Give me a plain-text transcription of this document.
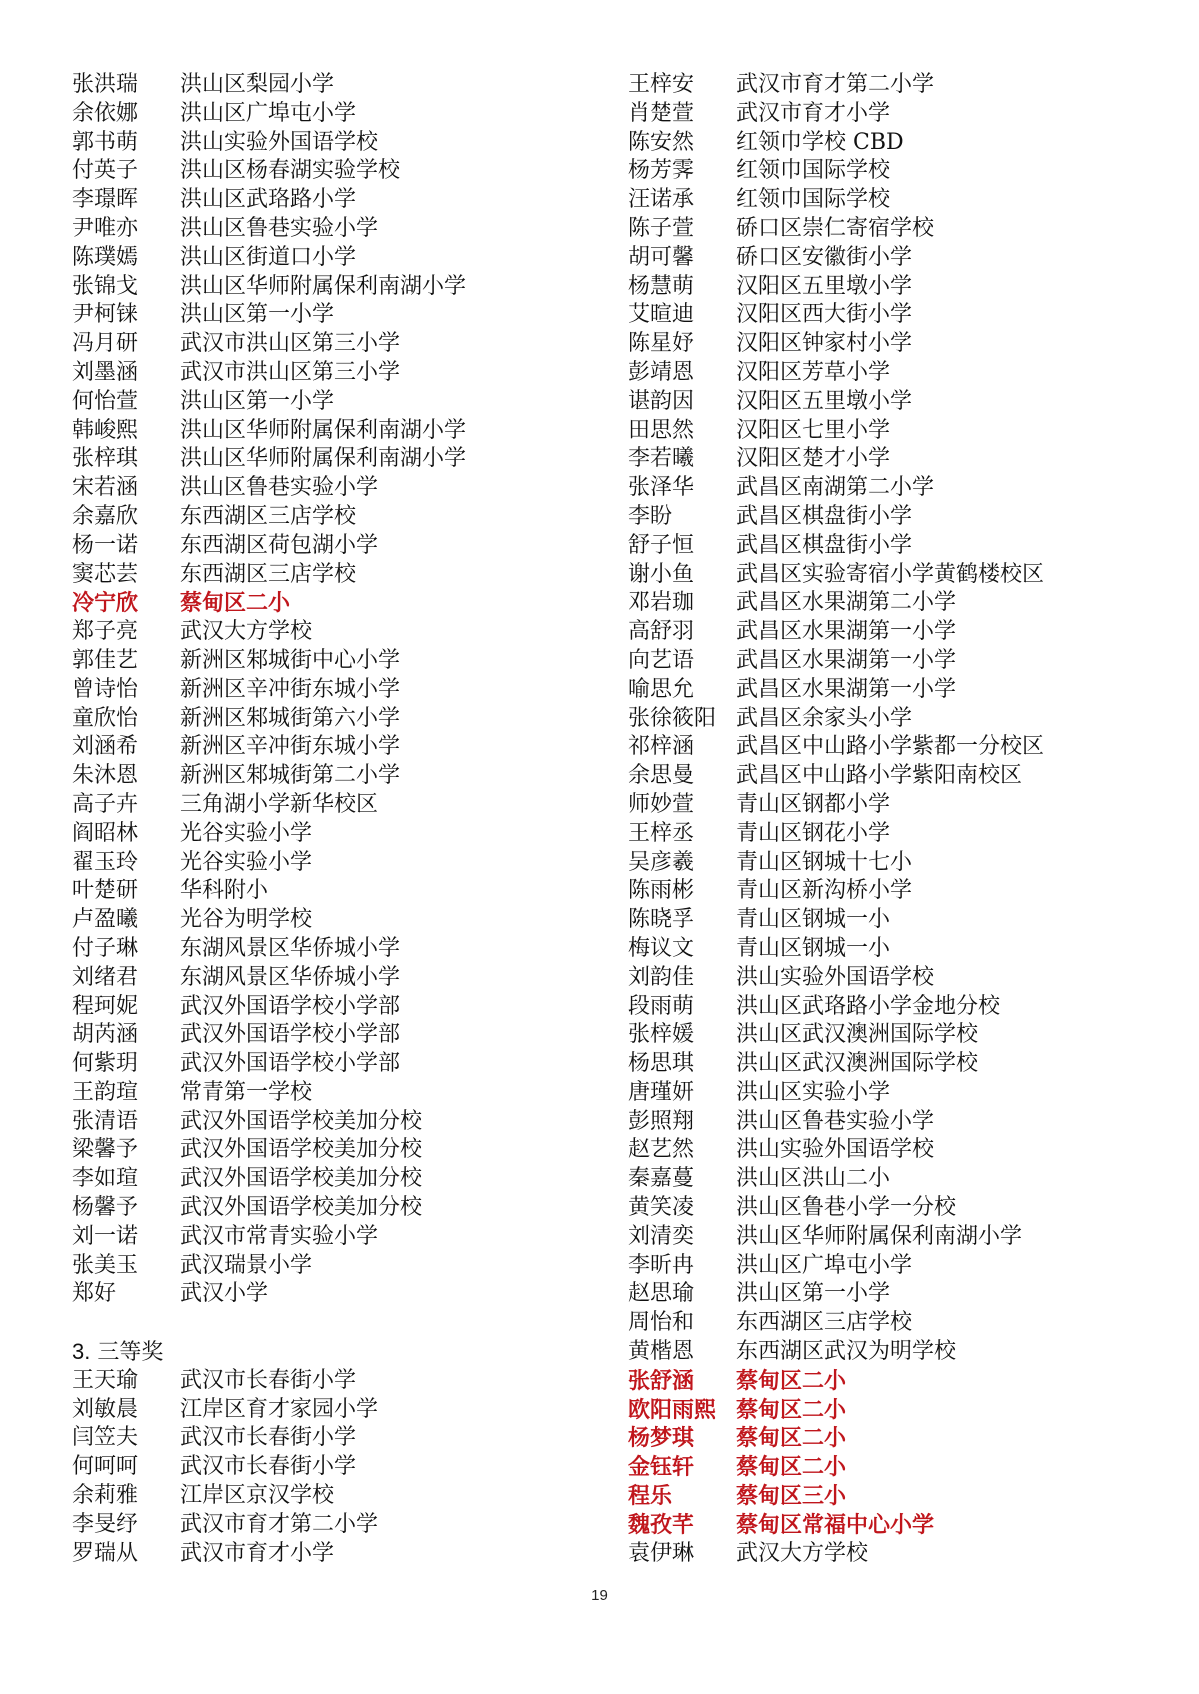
张洪瑞	洪山区梨园小学
余依娜	洪山区广埠屯小学
郭书萌	洪山实验外国语学校
付英子	洪山区杨春湖实验学校
李璟晖	洪山区武珞路小学
尹唯亦	洪山区鲁巷实验小学
陈璞嫣	洪山区街道口小学
张锦戈	洪山区华师附属保利南湖小学
尹柯铼	洪山区第一小学
冯月研	武汉市洪山区第三小学
刘墨涵	武汉市洪山区第三小学
何怡萱	洪山区第一小学
韩峻熙	洪山区华师附属保利南湖小学
张梓琪	洪山区华师附属保利南湖小学
宋若涵	洪山区鲁巷实验小学
余嘉欣	东西湖区三店学校
杨一诺	东西湖区荷包湖小学
窦芯芸	东西湖区三店学校
冷宁欣	蔡甸区二小
郑子亮	武汉大方学校
郭佳艺	新洲区邾城街中心小学
曾诗怡	新洲区辛冲街东城小学
童欣怡	新洲区邾城街第六小学
刘涵希	新洲区辛冲街东城小学
朱沐恩	新洲区邾城街第二小学
高子卉	三角湖小学新华校区
阎昭林	光谷实验小学
翟玉玲	光谷实验小学
叶楚研	华科附小
卢盈曦	光谷为明学校
付子琳	东湖风景区华侨城小学
刘绪君	东湖风景区华侨城小学
程珂妮	武汉外国语学校小学部
胡芮涵	武汉外国语学校小学部
何紫玥	武汉外国语学校小学部
王韵瑄	常青第一学校
张清语	武汉外国语学校美加分校
梁馨予	武汉外国语学校美加分校
李如瑄	武汉外国语学校美加分校
杨馨予	武汉外国语学校美加分校
刘一诺	武汉市常青实验小学
张美玉	武汉瑞景小学
郑好	武汉小学
3. 三等奖
王天瑜	武汉市长春街小学
刘敏晨	江岸区育才家园小学
闫笠夫	武汉市长春街小学
何呵呵	武汉市长春街小学
余莉雅	江岸区京汉学校
李旻纾	武汉市育才第二小学
罗瑞从	武汉市育才小学
王梓安	武汉市育才第二小学
肖楚萱	武汉市育才小学
陈安然	红领巾学校 CBD
杨芳霁	红领巾国际学校
汪诺承	红领巾国际学校
陈子萱	硚口区崇仁寄宿学校
胡可馨	硚口区安徽街小学
杨慧萌	汉阳区五里墩小学
艾暄迪	汉阳区西大街小学
陈星妤	汉阳区钟家村小学
彭靖恩	汉阳区芳草小学
谌韵因	汉阳区五里墩小学
田思然	汉阳区七里小学
李若曦	汉阳区楚才小学
张泽华	武昌区南湖第二小学
李盼	武昌区棋盘街小学
舒子恒	武昌区棋盘街小学
谢小鱼	武昌区实验寄宿小学黄鹤楼校区
邓岩珈	武昌区水果湖第二小学
高舒羽	武昌区水果湖第一小学
向艺语	武昌区水果湖第一小学
喻思允	武昌区水果湖第一小学
张徐筱阳 武昌区余家头小学
祁梓涵	武昌区中山路小学紫都一分校区
余思曼	武昌区中山路小学紫阳南校区
师妙萱	青山区钢都小学
王梓丞	青山区钢花小学
吴彦羲	青山区钢城十七小
陈雨彬	青山区新沟桥小学
陈晓孚	青山区钢城一小
梅议文	青山区钢城一小
刘韵佳	洪山实验外国语学校
段雨萌	洪山区武珞路小学金地分校
张梓媛	洪山区武汉澳洲国际学校
杨思琪	洪山区武汉澳洲国际学校
唐瑾妍	洪山区实验小学
彭照翔	洪山区鲁巷实验小学
赵艺然	洪山实验外国语学校
秦嘉蔓	洪山区洪山二小
黄笑凌	洪山区鲁巷小学一分校
刘清奕	洪山区华师附属保利南湖小学
李昕冉	洪山区广埠屯小学
赵思瑜	洪山区第一小学
周怡和	东西湖区三店学校
黄楷恩	东西湖区武汉为明学校
张舒涵	蔡甸区二小
欧阳雨熙 蔡甸区二小
杨梦琪	蔡甸区二小
金钰轩	蔡甸区二小
程乐	蔡甸区三小
魏孜芊	蔡甸区常福中心小学
袁伊琳	武汉大方学校
19
